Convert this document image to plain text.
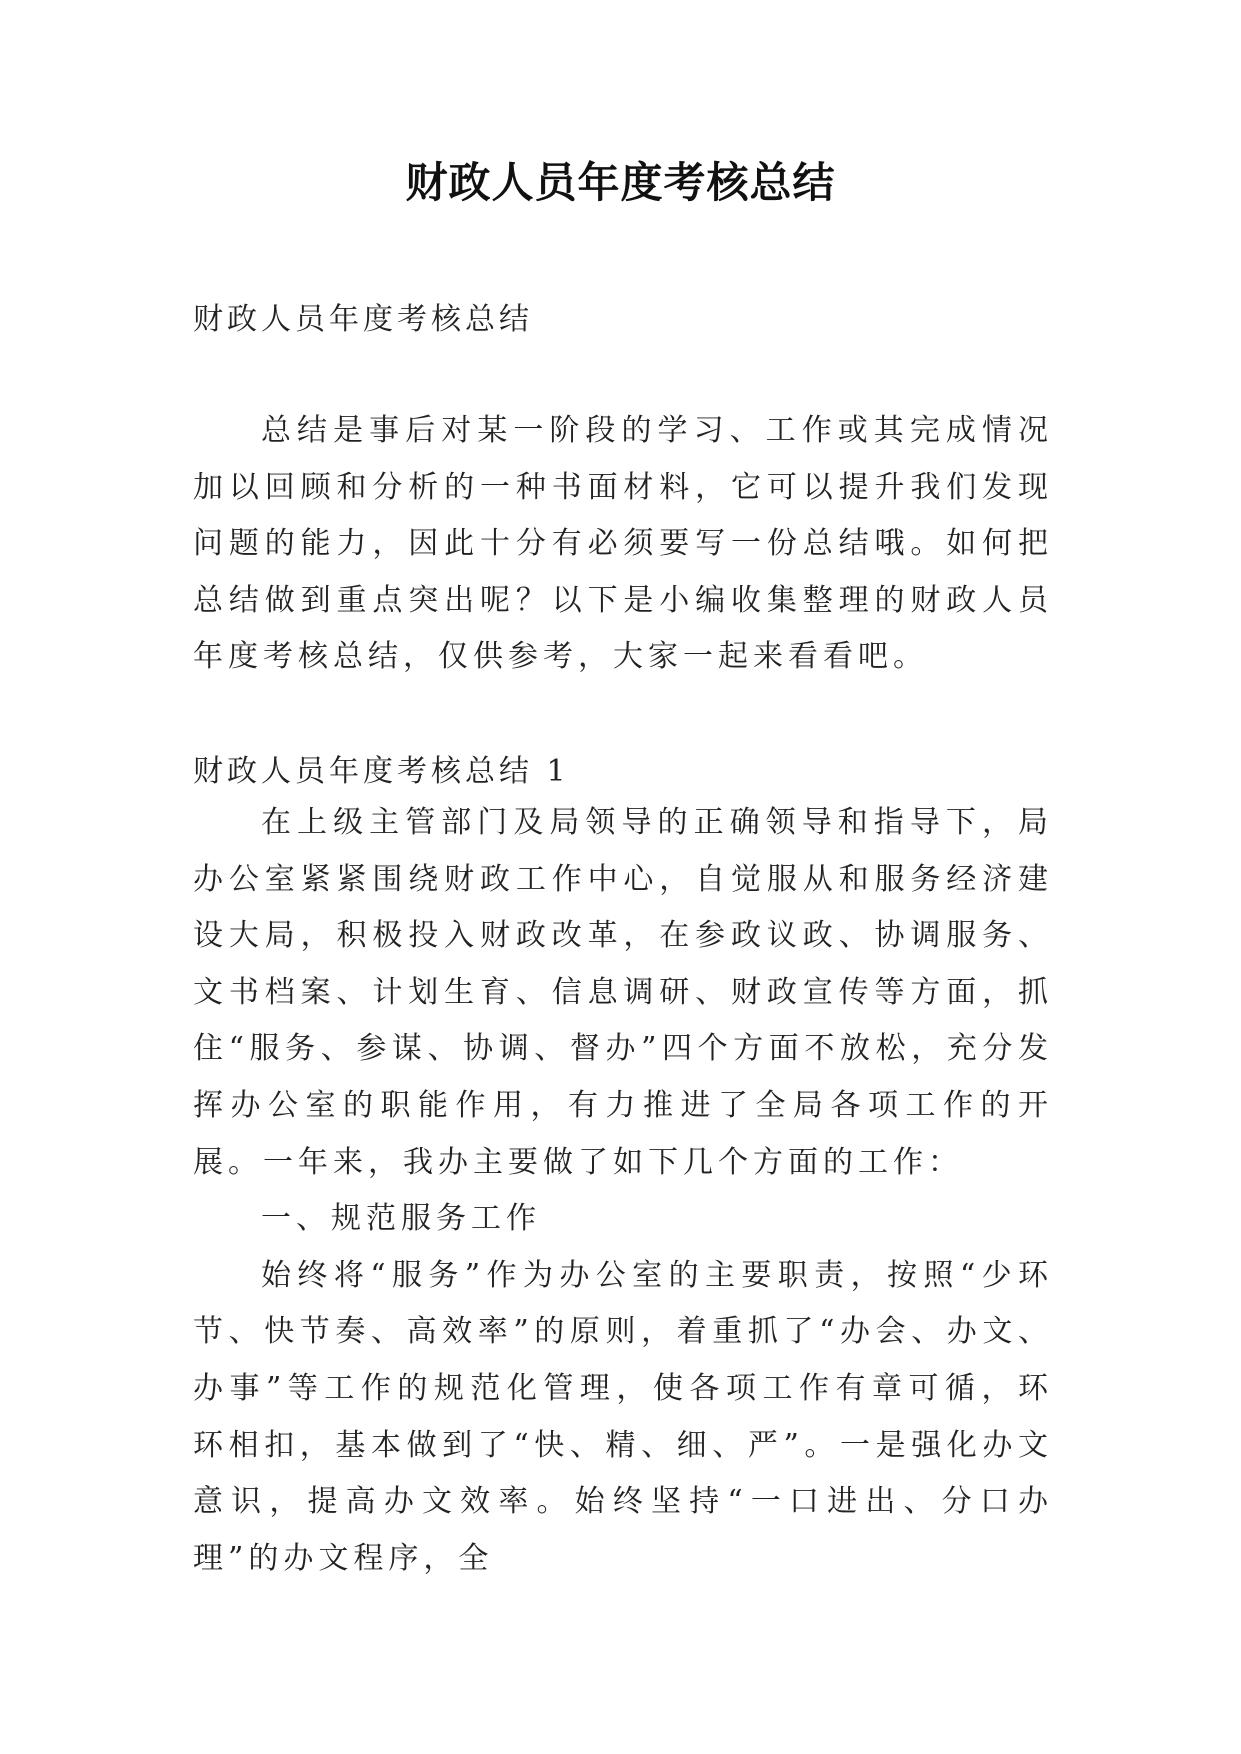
财政人员年度考核总结
财政人员年度考核总结
总结是事后对某一阶段的学习、工作或其完成情况加以回顾和分析的一种书面材料，它可以提升我们发现问题的能力，因此十分有必须要写一份总结哦。如何把总结做到重点突出呢？以下是小编收集整理的财政人员年度考核总结，仅供参考，大家一起来看看吧。
财政人员年度考核总结 1

在上级主管部门及局领导的正确领导和指导下，局办公室紧紧围绕财政工作中心，自觉服从和服务经济建设大局，积极投入财政改革，在参政议政、协调服务、文书档案、计划生育、信息调研、财政宣传等方面，抓住“服务、参谋、协调、督办”四个方面不放松，充分发挥办公室的职能作用，有力推进了全局各项工作的开展。一年来，我办主要做了如下几个方面的工作：

一、规范服务工作

始终将“服务”作为办公室的主要职责，按照“少环节、快节奏、高效率”的原则，着重抓了“办会、办文、办事”等工作的规范化管理，使各项工作有章可循，环环相扣，基本做到了“快、精、细、严”。一是强化办文意识，提高办文效率。始终坚持“一口进出、分口办理”的办文程序，全
